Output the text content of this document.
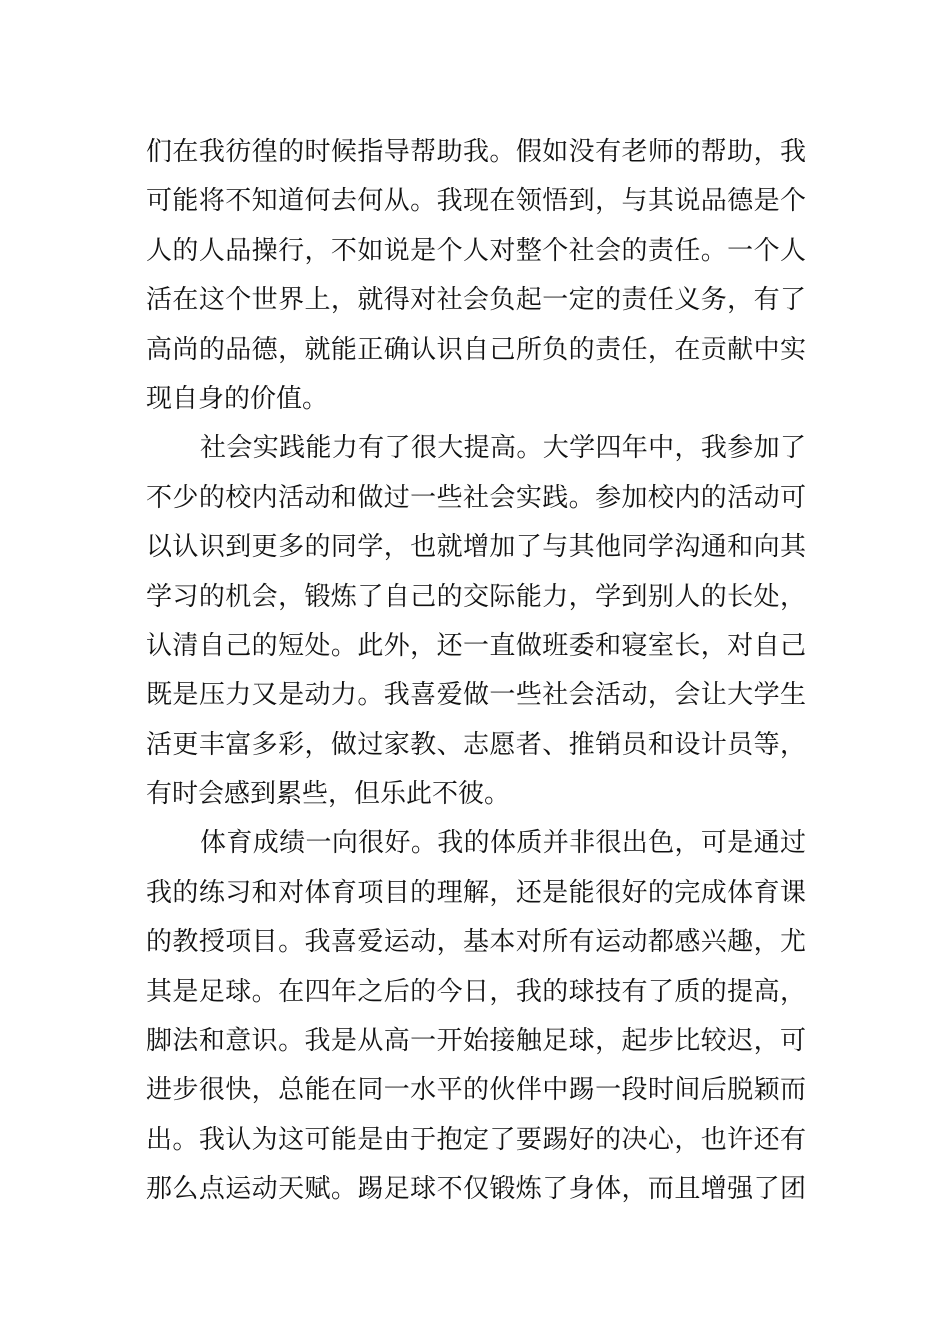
们在我彷徨的时候指导帮助我。假如没有老师的帮助，我
可能将不知道何去何从。我现在领悟到，与其说品德是个
人的人品操行，不如说是个人对整个社会的责任。一个人
活在这个世界上，就得对社会负起一定的责任义务，有了
高尚的品德，就能正确认识自己所负的责任，在贡献中实
现自身的价值。
社会实践能力有了很大提高。大学四年中，我参加了
不少的校内活动和做过一些社会实践。参加校内的活动可
以认识到更多的同学，也就增加了与其他同学沟通和向其
学习的机会，锻炼了自己的交际能力，学到别人的长处，
认清自己的短处。此外，还一直做班委和寝室长，对自己
既是压力又是动力。我喜爱做一些社会活动，会让大学生
活更丰富多彩，做过家教、志愿者、推销员和设计员等，
有时会感到累些，但乐此不彼。
体育成绩一向很好。我的体质并非很出色，可是通过
我的练习和对体育项目的理解，还是能很好的完成体育课
的教授项目。我喜爱运动，基本对所有运动都感兴趣，尤
其是足球。在四年之后的今日，我的球技有了质的提高，
脚法和意识。我是从高一开始接触足球，起步比较迟，可
进步很快，总能在同一水平的伙伴中踢一段时间后脱颖而
出。我认为这可能是由于抱定了要踢好的决心，也许还有
那么点运动天赋。踢足球不仅锻炼了身体，而且增强了团
